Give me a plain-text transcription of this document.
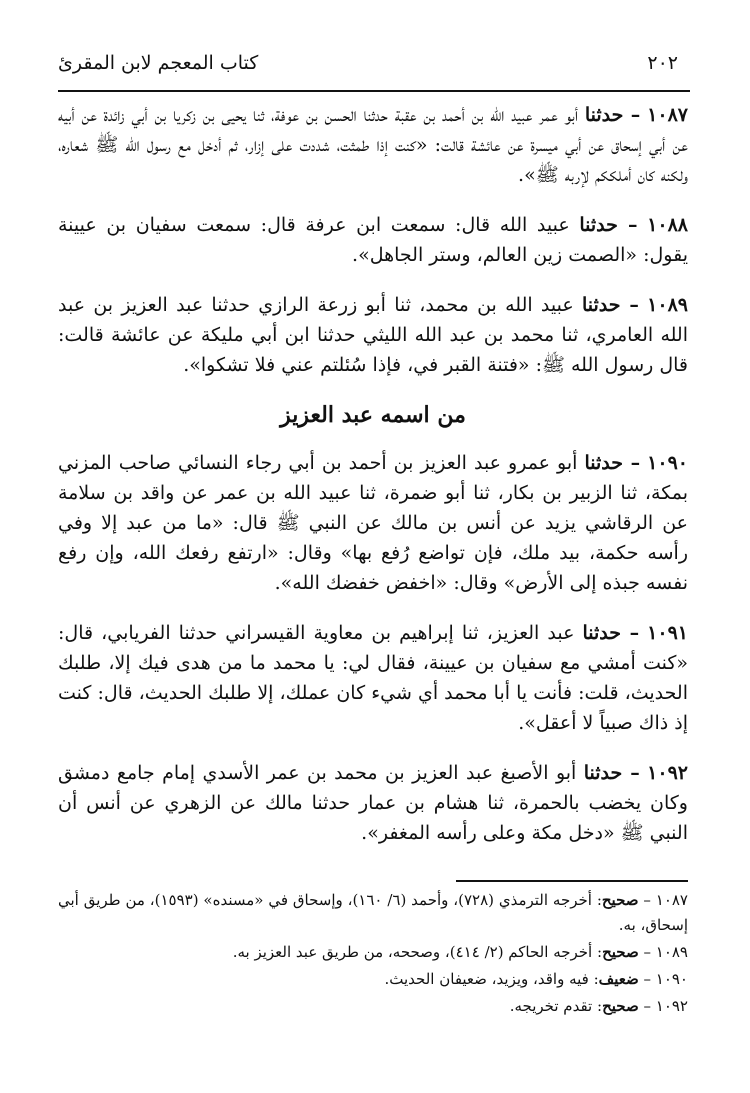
٢٠٢
كتاب المعجم لابن المقرئ

١٠٨٧ – حدثنا أبو عمر عبيد الله بن أحمد بن عقبة حدثنا الحسن بن عوفة، ثنا يحيى بن زكريا بن أبي زائدة عن أبيه عن أبي إسحاق عن أبي ميسرة عن عائشة قالت: «كنت إذا طمثت، شددت على إزار، ثم أدخل مع رسول الله ﷺ شعاره، ولكنه كان أملككم لإربه ﷺ».

١٠٨٨ – حدثنا عبيد الله قال: سمعت ابن عرفة قال: سمعت سفيان بن عيينة يقول: «الصمت زين العالم، وستر الجاهل».

١٠٨٩ – حدثنا عبيد الله بن محمد، ثنا أبو زرعة الرازي حدثنا عبد العزيز بن عبد الله العامري، ثنا محمد بن عبد الله الليثي حدثنا ابن أبي مليكة عن عائشة قالت: قال رسول الله ﷺ: «فتنة القبر في، فإذا سُئلتم عني فلا تشكوا».

من اسمه عبد العزيز

١٠٩٠ – حدثنا أبو عمرو عبد العزيز بن أحمد بن أبي رجاء النسائي صاحب المزني بمكة، ثنا الزبير بن بكار، ثنا أبو ضمرة، ثنا عبيد الله بن عمر عن واقد بن سلامة عن الرقاشي يزيد عن أنس بن مالك عن النبي ﷺ قال: «ما من عبد إلا وفي رأسه حكمة، بيد ملك، فإن تواضع رُفع بها» وقال: «ارتفع رفعك الله، وإن رفع نفسه جبذه إلى الأرض» وقال: «اخفض خفضك الله».

١٠٩١ – حدثنا عبد العزيز، ثنا إبراهيم بن معاوية القيسراني حدثنا الفريابي، قال: «كنت أمشي مع سفيان بن عيينة، فقال لي: يا محمد ما من هدى فيك إلا، طلبك الحديث، قلت: فأنت يا أبا محمد أي شيء كان عملك، إلا طلبك الحديث، قال: كنت إذ ذاك صبياً لا أعقل».

١٠٩٢ – حدثنا أبو الأصبغ عبد العزيز بن محمد بن عمر الأسدي إمام جامع دمشق وكان يخضب بالحمرة، ثنا هشام بن عمار حدثنا مالك عن الزهري عن أنس أن النبي ﷺ «دخل مكة وعلى رأسه المغفر».

١٠٨٧ – صحيح: أخرجه الترمذي (٧٢٨)، وأحمد (٦/ ١٦٠)، وإسحاق في «مسنده» (١٥٩٣)، من طريق أبي إسحاق، به.

١٠٨٩ – صحيح: أخرجه الحاكم (٢/ ٤١٤)، وصححه، من طريق عبد العزيز به.

١٠٩٠ – ضعيف: فيه واقد، ويزيد، ضعيفان الحديث.

١٠٩٢ – صحيح: تقدم تخريجه.
